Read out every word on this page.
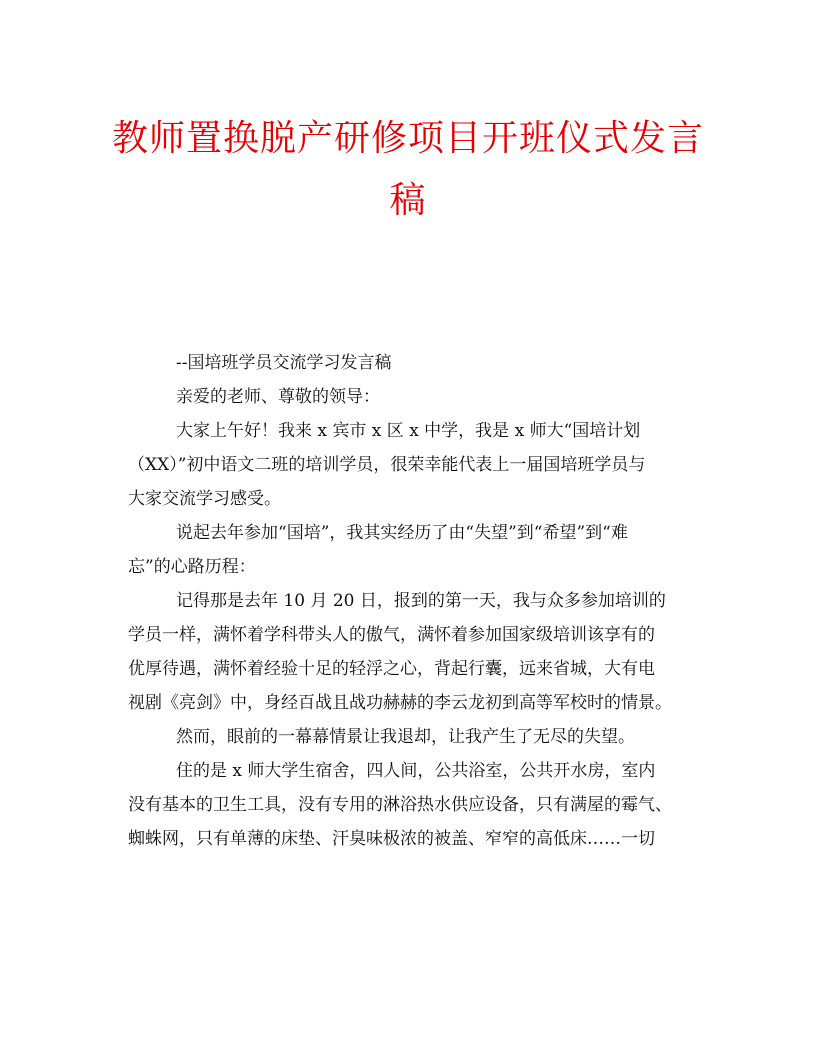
教师置换脱产研修项目开班仪式发言
稿
--国培班学员交流学习发言稿
亲爱的老师、尊敬的领导：
大家上午好！我来 x 宾市 x 区 x 中学，我是 x 师大“国培计划
（XX）”初中语文二班的培训学员，很荣幸能代表上一届国培班学员与
大家交流学习感受。
说起去年参加“国培”，我其实经历了由“失望”到“希望”到“难
忘”的心路历程：
记得那是去年 10 月 20 日，报到的第一天，我与众多参加培训的
学员一样，满怀着学科带头人的傲气，满怀着参加国家级培训该享有的
优厚待遇，满怀着经验十足的轻浮之心，背起行囊，远来省城，大有电
视剧《亮剑》中，身经百战且战功赫赫的李云龙初到高等军校时的情景。
然而，眼前的一幕幕情景让我退却，让我产生了无尽的失望。
住的是 x 师大学生宿舍，四人间，公共浴室，公共开水房，室内
没有基本的卫生工具，没有专用的淋浴热水供应设备，只有满屋的霉气、
蜘蛛网，只有单薄的床垫、汗臭味极浓的被盖、窄窄的高低床……一切
